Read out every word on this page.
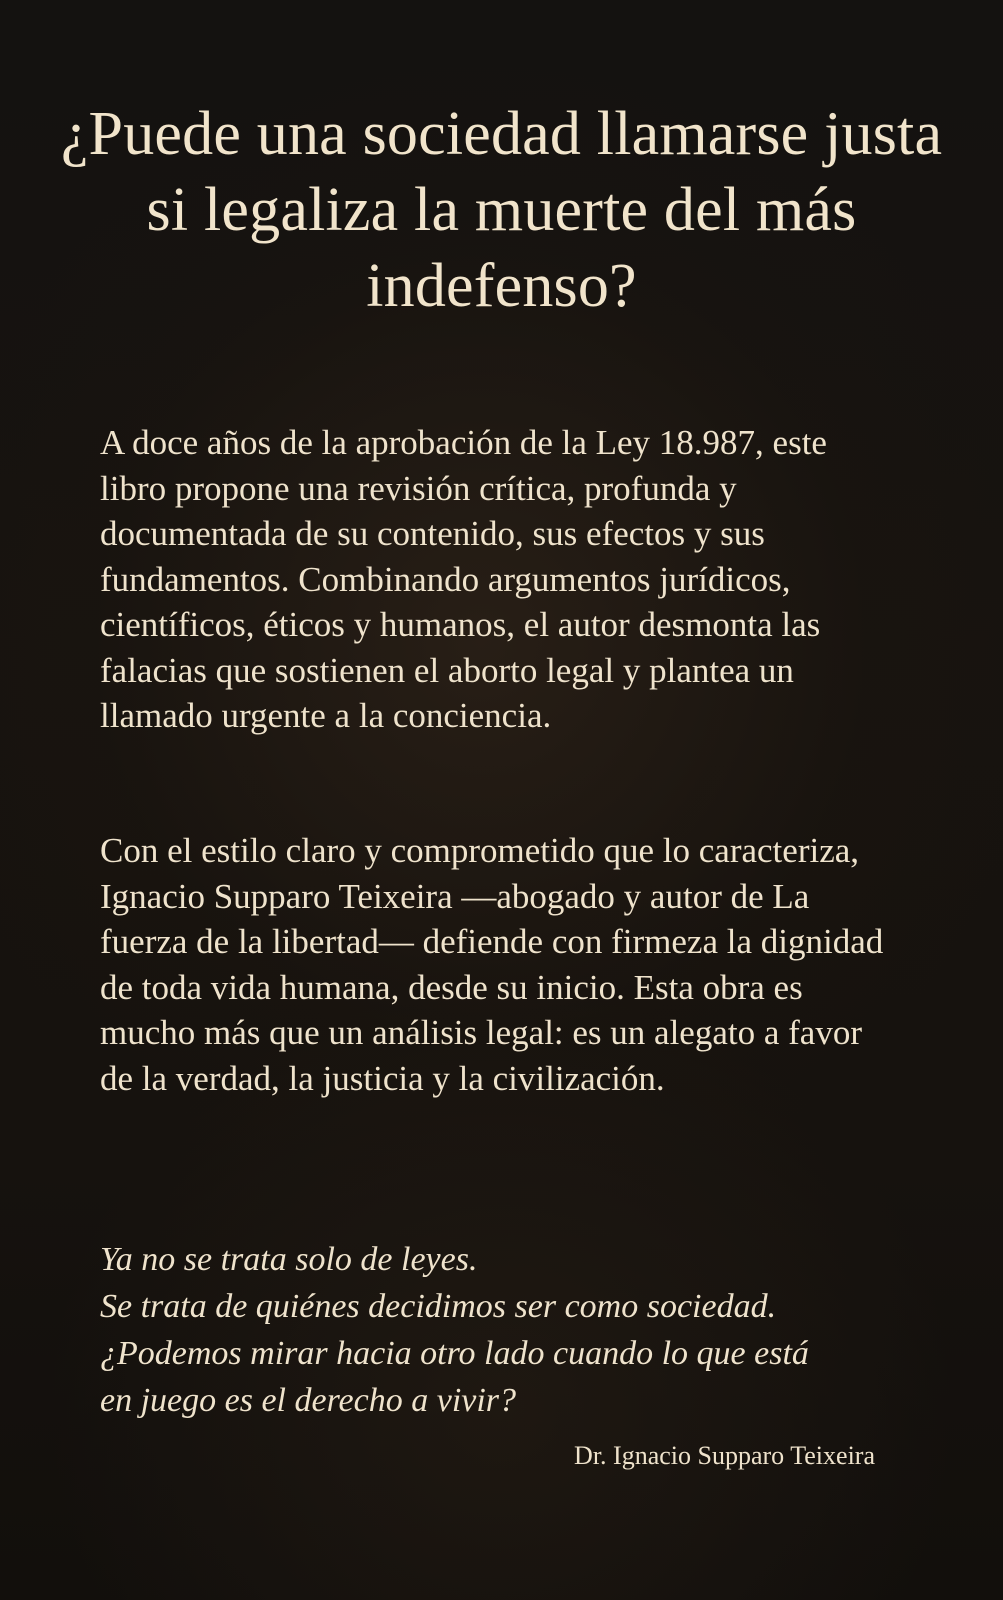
¿Puede una sociedad llamarse justa si legaliza la muerte del más indefenso?

A doce años de la aprobación de la Ley 18.987, este libro propone una revisión crítica, profunda y documentada de su contenido, sus efectos y sus fundamentos. Combinando argumentos jurídicos, científicos, éticos y humanos, el autor desmonta las falacias que sostienen el aborto legal y plantea un llamado urgente a la conciencia.

Con el estilo claro y comprometido que lo caracteriza, Ignacio Supparo Teixeira —abogado y autor de La fuerza de la libertad— defiende con firmeza la dignidad de toda vida humana, desde su inicio. Esta obra es mucho más que un análisis legal: es un alegato a favor de la verdad, la justicia y la civilización.

Ya no se trata solo de leyes.
Se trata de quiénes decidimos ser como sociedad.
¿Podemos mirar hacia otro lado cuando lo que está
en juego es el derecho a vivir?

Dr. Ignacio Supparo Teixeira
